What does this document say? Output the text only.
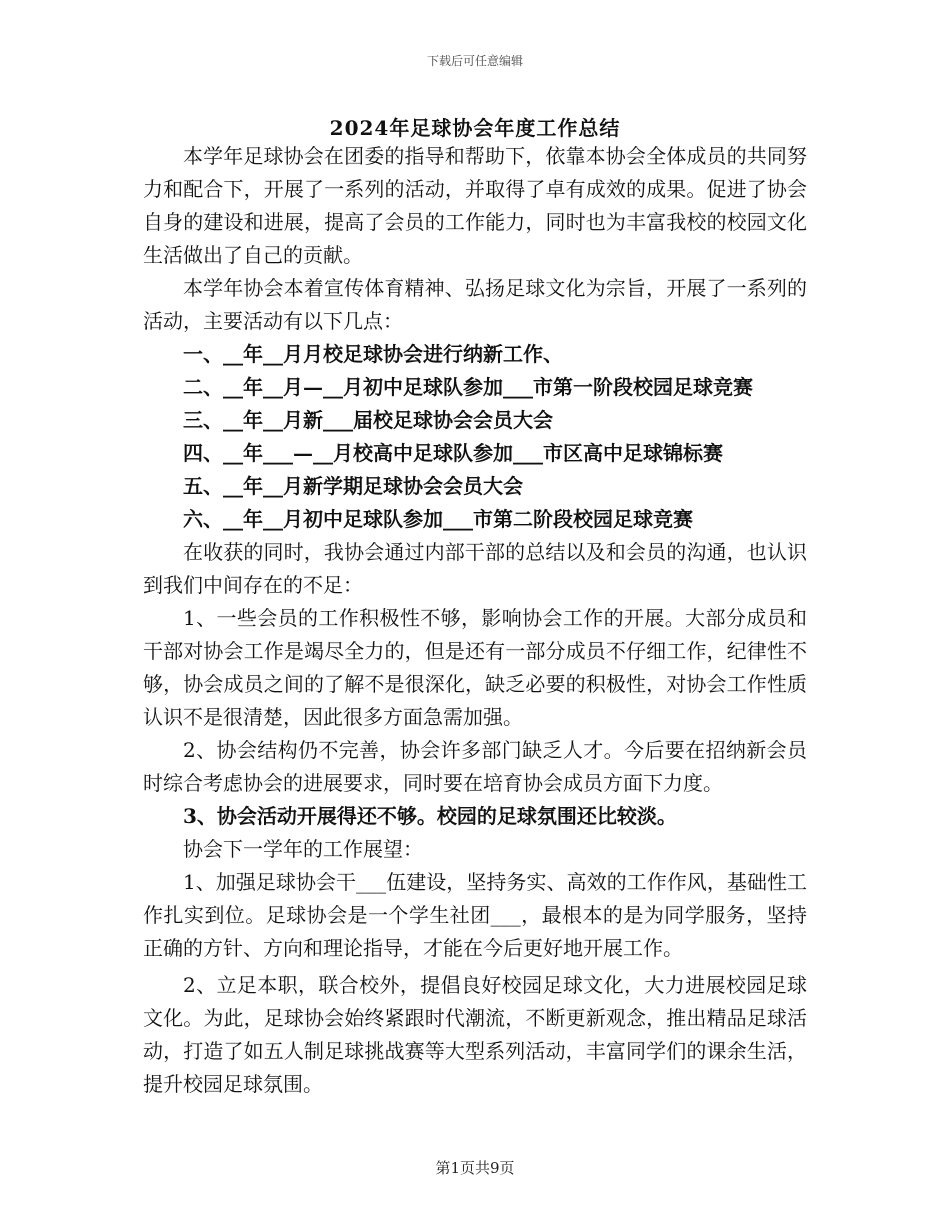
下载后可任意编辑
2024年足球协会年度工作总结

本学年足球协会在团委的指导和帮助下，依靠本协会全体成员的共同努力和配合下，开展了一系列的活动，并取得了卓有成效的成果。促进了协会自身的建设和进展，提高了会员的工作能力，同时也为丰富我校的校园文化生活做出了自己的贡献。

本学年协会本着宣传体育精神、弘扬足球文化为宗旨，开展了一系列的活动，主要活动有以下几点：

一、__年__月月校足球协会进行纳新工作、

二、__年__月—__月初中足球队参加___市第一阶段校园足球竞赛

三、__年__月新___届校足球协会会员大会

四、__年___—__月校高中足球队参加___市区高中足球锦标赛

五、__年__月新学期足球协会会员大会

六、__年__月初中足球队参加___市第二阶段校园足球竞赛

在收获的同时，我协会通过内部干部的总结以及和会员的沟通，也认识到我们中间存在的不足：

1、一些会员的工作积极性不够，影响协会工作的开展。大部分成员和干部对协会工作是竭尽全力的，但是还有一部分成员不仔细工作，纪律性不够，协会成员之间的了解不是很深化，缺乏必要的积极性，对协会工作性质认识不是很清楚，因此很多方面急需加强。

2、协会结构仍不完善，协会许多部门缺乏人才。今后要在招纳新会员时综合考虑协会的进展要求，同时要在培育协会成员方面下力度。

3、协会活动开展得还不够。校园的足球氛围还比较淡。

协会下一学年的工作展望：

1、加强足球协会干___伍建设，坚持务实、高效的工作作风，基础性工作扎实到位。足球协会是一个学生社团___，最根本的是为同学服务，坚持正确的方针、方向和理论指导，才能在今后更好地开展工作。

2、立足本职，联合校外，提倡良好校园足球文化，大力进展校园足球文化。为此，足球协会始终紧跟时代潮流，不断更新观念，推出精品足球活动，打造了如五人制足球挑战赛等大型系列活动，丰富同学们的课余生活，提升校园足球氛围。

第1页共9页
